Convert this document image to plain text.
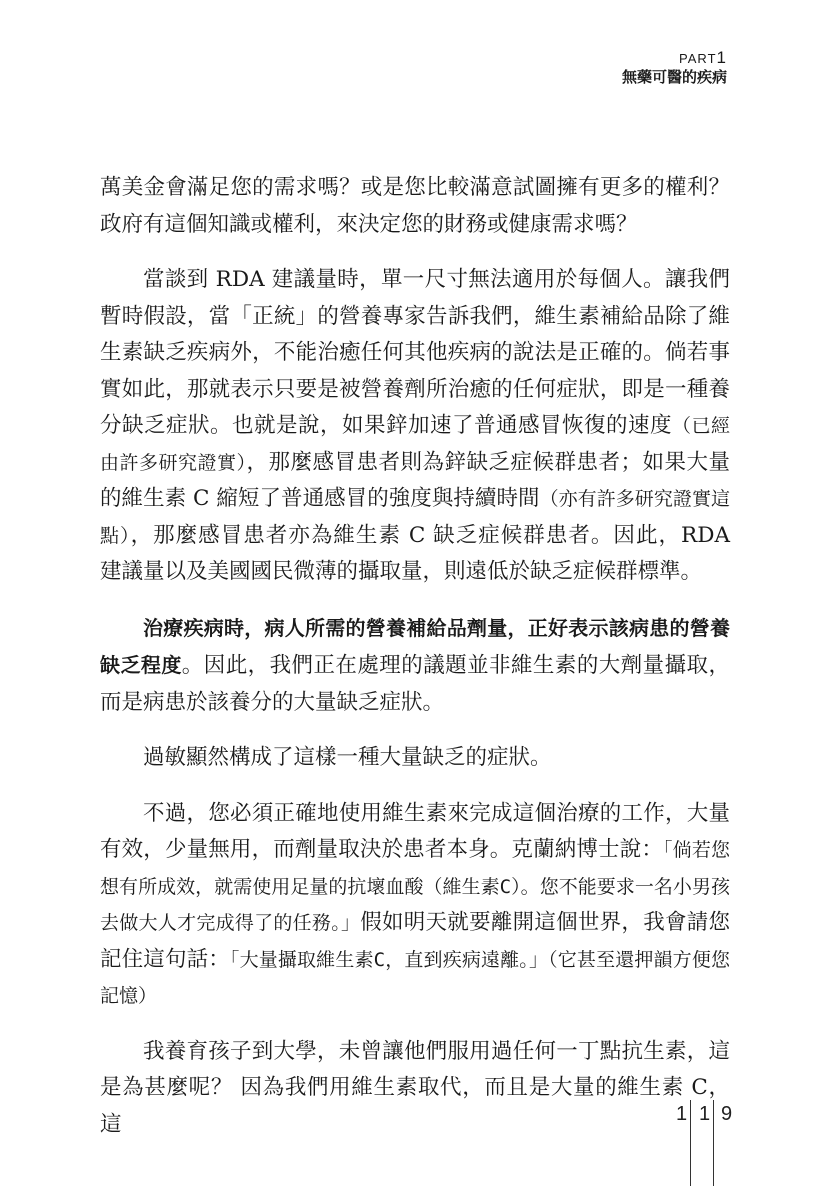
PART1
無藥可醫的疾病

萬美金會滿足您的需求嗎？或是您比較滿意試圖擁有更多的權利？政府有這個知識或權利，來決定您的財務或健康需求嗎？

當談到 RDA 建議量時，單一尺寸無法適用於每個人。讓我們暫時假設，當「正統」的營養專家告訴我們，維生素補給品除了維生素缺乏疾病外，不能治癒任何其他疾病的說法是正確的。倘若事實如此，那就表示只要是被營養劑所治癒的任何症狀，即是一種養分缺乏症狀。也就是說，如果鋅加速了普通感冒恢復的速度（已經由許多研究證實），那麼感冒患者則為鋅缺乏症候群患者；如果大量的維生素 C 縮短了普通感冒的強度與持續時間（亦有許多研究證實這點），那麼感冒患者亦為維生素 C 缺乏症候群患者。因此，RDA 建議量以及美國國民微薄的攝取量，則遠低於缺乏症候群標準。

治療疾病時，病人所需的營養補給品劑量，正好表示該病患的營養缺乏程度。因此，我們正在處理的議題並非維生素的大劑量攝取，而是病患於該養分的大量缺乏症狀。

過敏顯然構成了這樣一種大量缺乏的症狀。

不過，您必須正確地使用維生素來完成這個治療的工作，大量有效，少量無用，而劑量取決於患者本身。克蘭納博士說：「倘若您想有所成效，就需使用足量的抗壞血酸（維生素C）。您不能要求一名小男孩去做大人才完成得了的任務。」假如明天就要離開這個世界，我會請您記住這句話：「大量攝取維生素C，直到疾病遠離。」（它甚至還押韻方便您記憶）

我養育孩子到大學，未曾讓他們服用過任何一丁點抗生素，這是為甚麼呢？ 因為我們用維生素取代，而且是大量的維生素 C，這	1 1 9
